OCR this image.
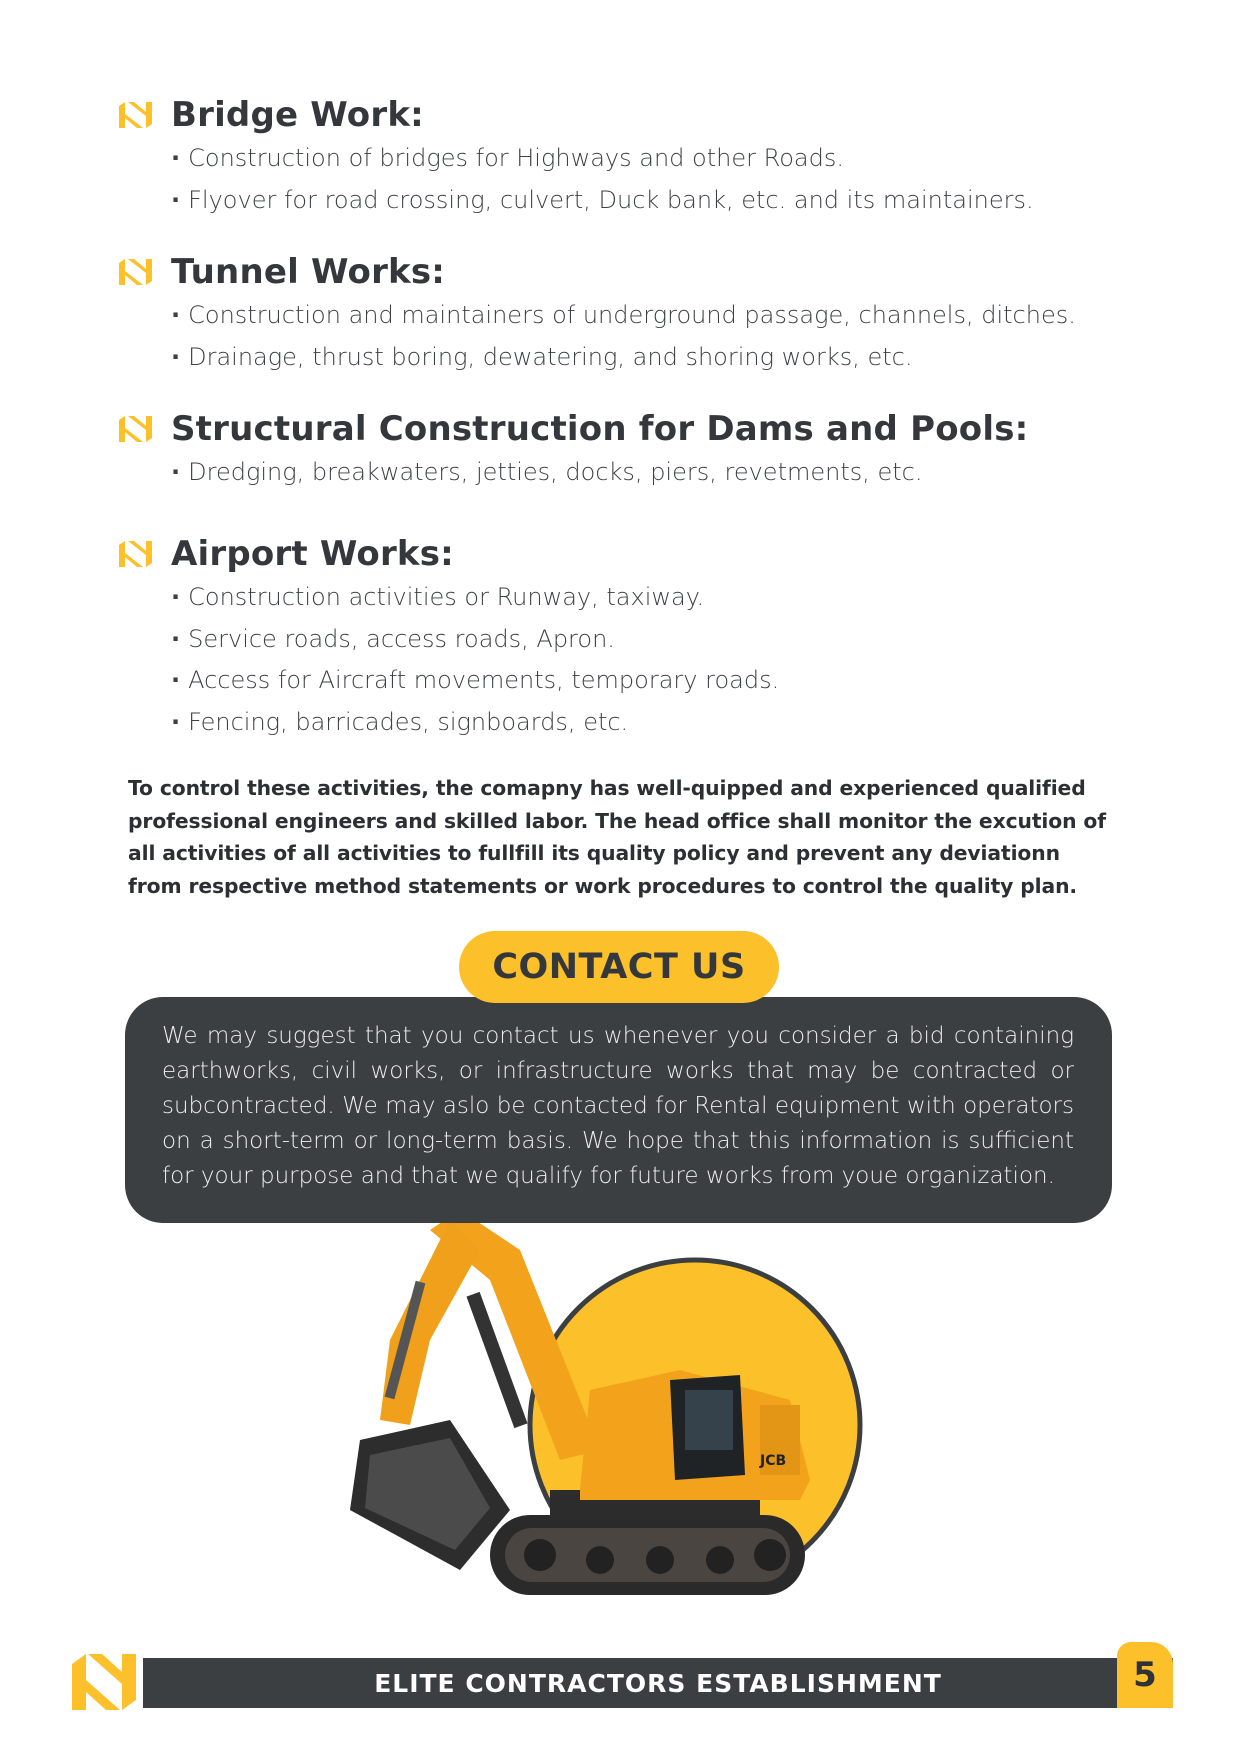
Bridge Work:
· Construction of bridges for Highways and other Roads.
· Flyover for road crossing, culvert, Duck bank, etc. and its maintainers.
Tunnel Works:
· Construction and maintainers of underground passage, channels, ditches.
· Drainage, thrust boring, dewatering, and shoring works, etc.
Structural Construction for Dams and Pools:
· Dredging, breakwaters, jetties, docks, piers, revetments, etc.
Airport Works:
· Construction activities or Runway, taxiway.
· Service roads, access roads, Apron.
· Access for Aircraft movements, temporary roads.
· Fencing, barricades, signboards, etc.

To control these activities, the comapny has well-quipped and experienced qualified professional engineers and skilled labor. The head office shall monitor the excution of all activities of all activities to fullfill its quality policy and prevent any deviationn from respective method statements or work procedures to control the quality plan.

CONTACT US

We may suggest that you contact us whenever you consider a bid containing earthworks, civil works, or infrastructure works that may be contracted or subcontracted. We may aslo be contacted for Rental equipment with operators on a short-term or long-term basis. We hope that this information is sufficient for your purpose and that we qualify for future works from youe organization.

JCB
ELITE CONTRACTORS ESTABLISHMENT	5
